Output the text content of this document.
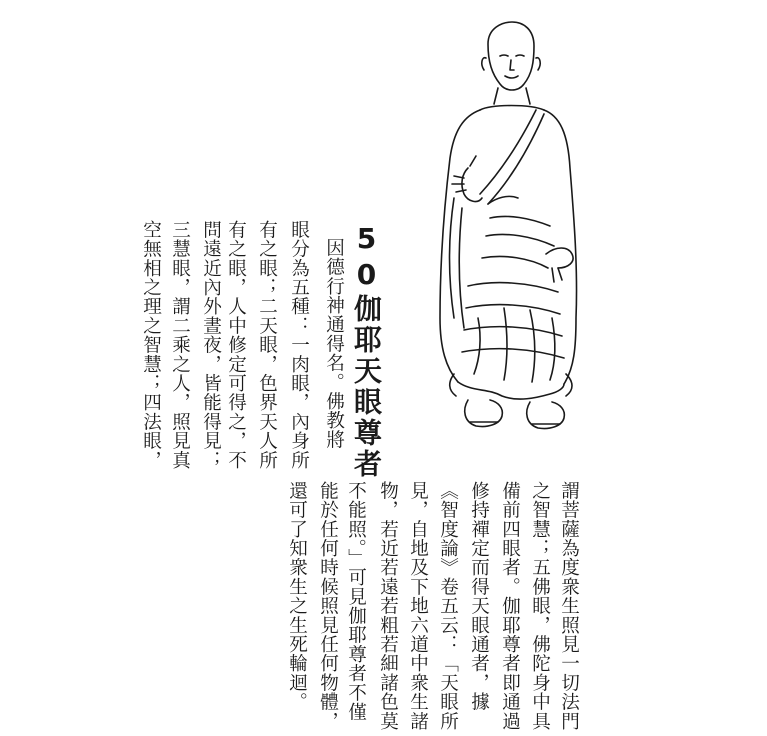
50伽耶天眼尊者
因德行神通得名。佛教將
眼分為五種：一肉眼，內身所
有之眼；二天眼，色界天人所
有之眼，人中修定可得之，不
問遠近內外晝夜，皆能得見；
三慧眼，謂二乘之人，照見真
空無相之理之智慧；四法眼，
謂菩薩為度衆生照見一切法門
之智慧；五佛眼，佛陀身中具
備前四眼者。伽耶尊者即通過
修持禪定而得天眼通者，據
《智度論》卷五云：「天眼所
見，自地及下地六道中衆生諸
物，若近若遠若粗若細諸色莫
不能照。」可見伽耶尊者不僅
能於任何時候照見任何物體，
還可了知衆生之生死輪迴。
